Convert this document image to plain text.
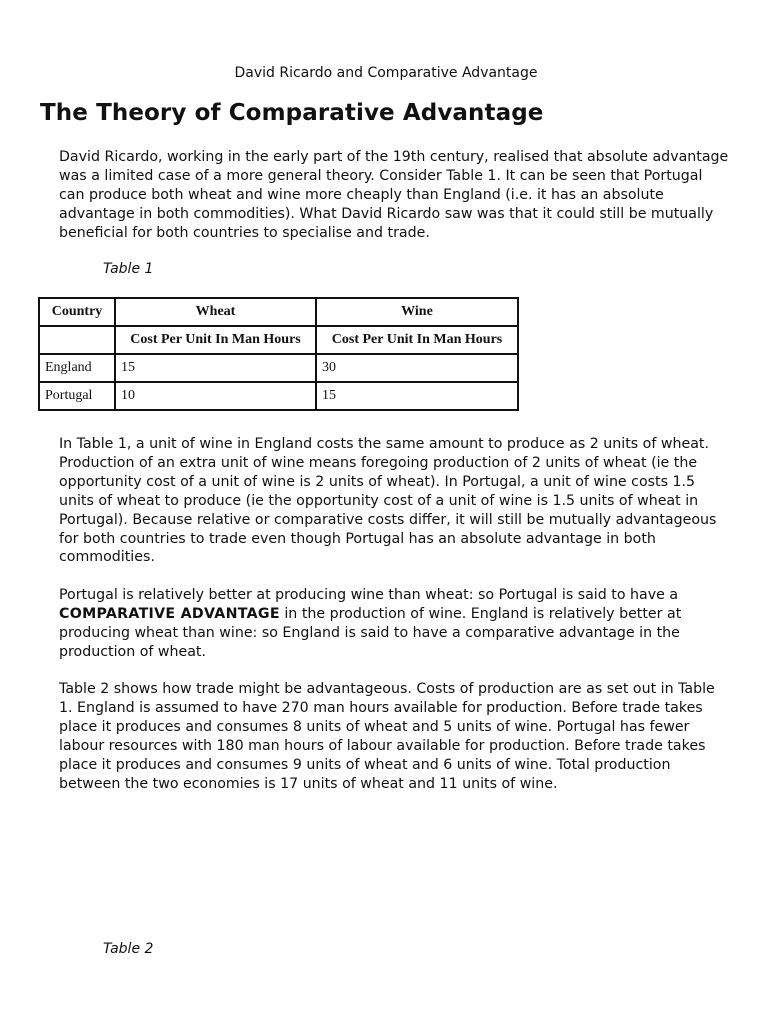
David Ricardo and Comparative Advantage
The Theory of Comparative Advantage

David Ricardo, working in the early part of the 19th century, realised that absolute advantage was a limited case of a more general theory. Consider Table 1. It can be seen that Portugal can produce both wheat and wine more cheaply than England (i.e. it has an absolute advantage in both commodities). What David Ricardo saw was that it could still be mutually beneficial for both countries to specialise and trade.

Table 1
Country	Wheat	Wine
	Cost Per Unit In Man Hours	Cost Per Unit In Man Hours
England	15	30
Portugal	10	15

In Table 1, a unit of wine in England costs the same amount to produce as 2 units of wheat. Production of an extra unit of wine means foregoing production of 2 units of wheat (ie the opportunity cost of a unit of wine is 2 units of wheat). In Portugal, a unit of wine costs 1.5 units of wheat to produce (ie the opportunity cost of a unit of wine is 1.5 units of wheat in Portugal). Because relative or comparative costs differ, it will still be mutually advantageous for both countries to trade even though Portugal has an absolute advantage in both commodities.

Portugal is relatively better at producing wine than wheat: so Portugal is said to have a COMPARATIVE ADVANTAGE in the production of wine. England is relatively better at producing wheat than wine: so England is said to have a comparative advantage in the production of wheat.

Table 2 shows how trade might be advantageous. Costs of production are as set out in Table 1. England is assumed to have 270 man hours available for production. Before trade takes place it produces and consumes 8 units of wheat and 5 units of wine. Portugal has fewer labour resources with 180 man hours of labour available for production. Before trade takes place it produces and consumes 9 units of wheat and 6 units of wine. Total production between the two economies is 17 units of wheat and 11 units of wine.

Table 2
